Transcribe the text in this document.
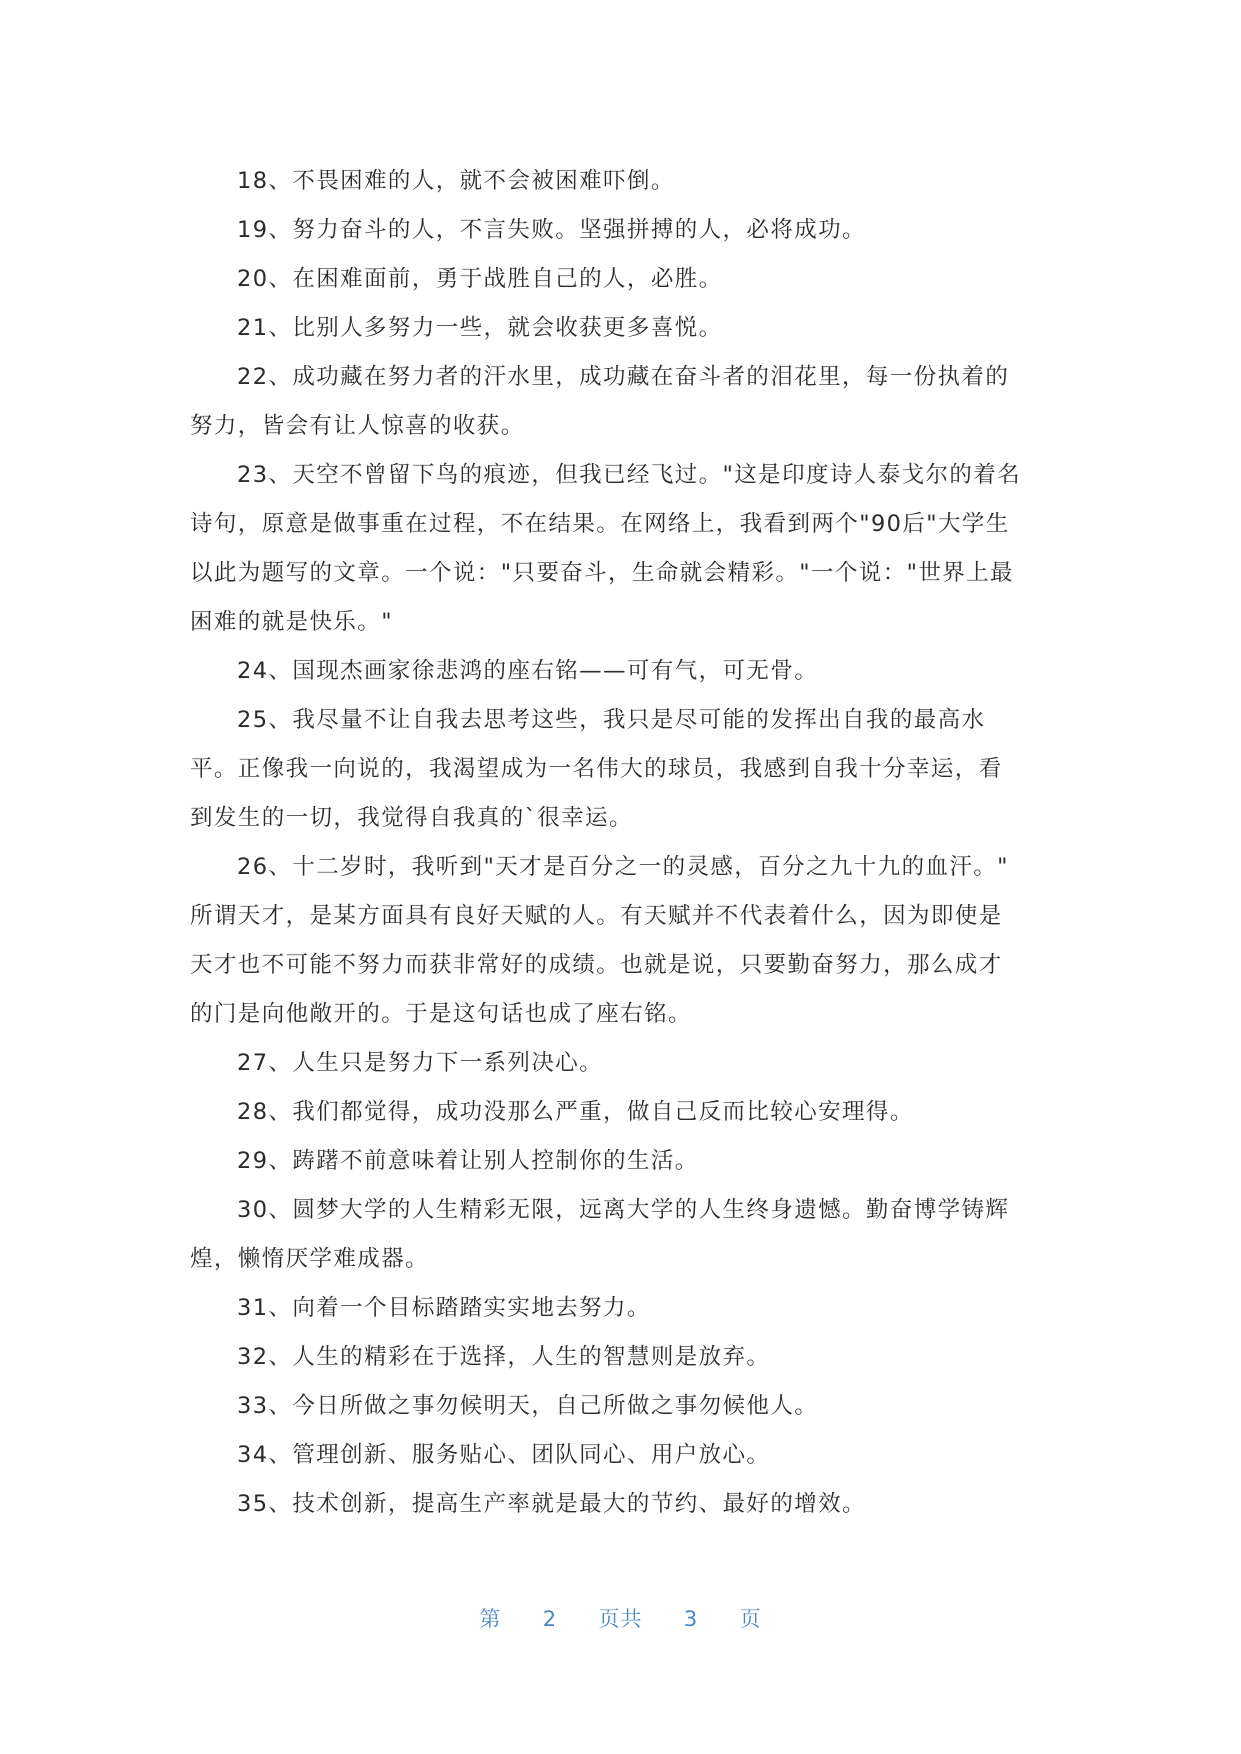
18、不畏困难的人，就不会被困难吓倒。
19、努力奋斗的人，不言失败。坚强拼搏的人，必将成功。
20、在困难面前，勇于战胜自己的人，必胜。
21、比别人多努力一些，就会收获更多喜悦。
22、成功藏在努力者的汗水里，成功藏在奋斗者的泪花里，每一份执着的
努力，皆会有让人惊喜的收获。
23、天空不曾留下鸟的痕迹，但我已经飞过。"这是印度诗人泰戈尔的着名
诗句，原意是做事重在过程，不在结果。在网络上，我看到两个"90后"大学生
以此为题写的文章。一个说："只要奋斗，生命就会精彩。"一个说："世界上最
困难的就是快乐。"
24、国现杰画家徐悲鸿的座右铭——可有气，可无骨。
25、我尽量不让自我去思考这些，我只是尽可能的发挥出自我的最高水
平。正像我一向说的，我渴望成为一名伟大的球员，我感到自我十分幸运，看
到发生的一切，我觉得自我真的`很幸运。
26、十二岁时，我听到"天才是百分之一的灵感，百分之九十九的血汗。"
所谓天才，是某方面具有良好天赋的人。有天赋并不代表着什么，因为即使是
天才也不可能不努力而获非常好的成绩。也就是说，只要勤奋努力，那么成才
的门是向他敞开的。于是这句话也成了座右铭。
27、人生只是努力下一系列决心。
28、我们都觉得，成功没那么严重，做自己反而比较心安理得。
29、踌躇不前意味着让别人控制你的生活。
30、圆梦大学的人生精彩无限，远离大学的人生终身遗憾。勤奋博学铸辉
煌，懒惰厌学难成器。
31、向着一个目标踏踏实实地去努力。
32、人生的精彩在于选择，人生的智慧则是放弃。
33、今日所做之事勿候明天，自己所做之事勿候他人。
34、管理创新、服务贴心、团队同心、用户放心。
35、技术创新，提高生产率就是最大的节约、最好的增效。
第 2 页共 3 页
